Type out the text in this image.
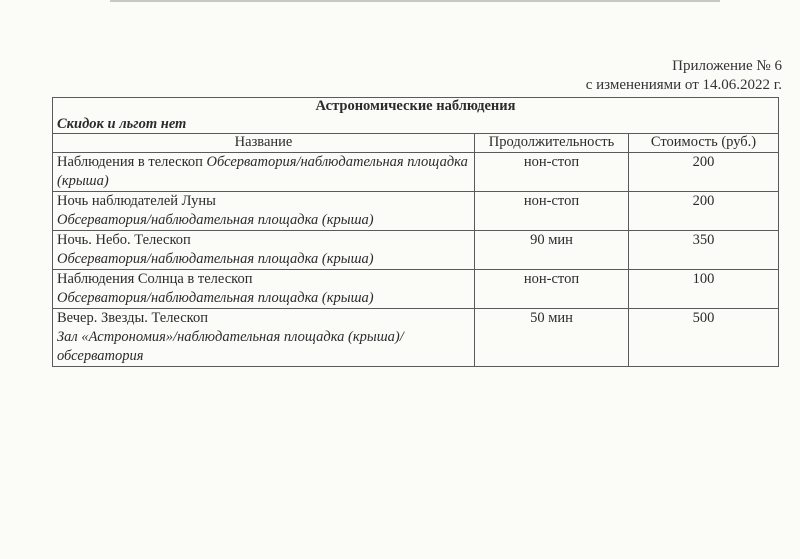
Приложение № 6
с изменениями от 14.06.2022 г.
Астрономические наблюдения		
Скидок и льгот нет		
Название	Продолжительность	Стоимость (руб.)
Наблюдения в телескоп Обсерватория/наблюдательная площадка (крыша)	нон-стоп	200
Ночь наблюдателей Луны
Обсерватория/наблюдательная площадка (крыша)	нон-стоп	200
Ночь. Небо. Телескоп
Обсерватория/наблюдательная площадка (крыша)	90 мин	350
Наблюдения Солнца в телескоп
Обсерватория/наблюдательная площадка (крыша)	нон-стоп	100
Вечер. Звезды. Телескоп
Зал «Астрономия»/наблюдательная площадка (крыша)/обсерватория	50 мин	500
